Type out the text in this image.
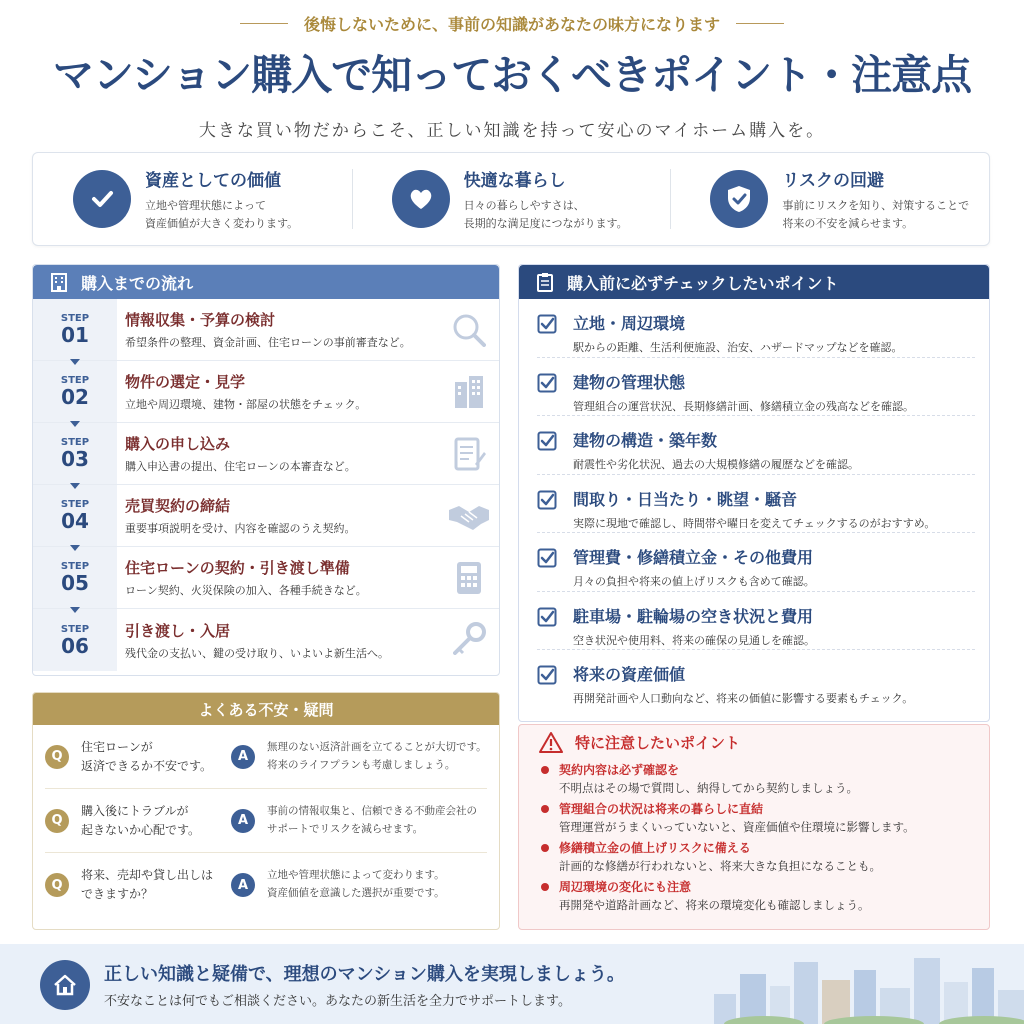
後悔しないために、事前の知識があなたの味方になります
マンション購入で知っておくべきポイント・注意点

大きな買い物だからこそ、正しい知識を持って安心のマイホーム購入を。

資産としての価値
立地や管理状態によって
資産価値が大きく変わります。
快適な暮らし
日々の暮らしやすさは、
長期的な満足度につながります。
リスクの回避
事前にリスクを知り、対策することで
将来の不安を減らせます。
購入までの流れ
STEP
01
情報収集・予算の検討
希望条件の整理、資金計画、住宅ローンの事前審査など。
STEP
02
物件の選定・見学
立地や周辺環境、建物・部屋の状態をチェック。
STEP
03
購入の申し込み
購入申込書の提出、住宅ローンの本審査など。
STEP
04
売買契約の締結
重要事項説明を受け、内容を確認のうえ契約。
STEP
05
住宅ローンの契約・引き渡し準備
ローン契約、火災保険の加入、各種手続きなど。
STEP
06
引き渡し・入居
残代金の支払い、鍵の受け取り、いよいよ新生活へ。
よくある不安・疑問
Q
住宅ローンが
返済できるか不安です。
A
無理のない返済計画を立てることが大切です。
将来のライフプランも考慮しましょう。
Q
購入後にトラブルが
起きないか心配です。
A
事前の情報収集と、信頼できる不動産会社の
サポートでリスクを減らせます。
Q
将来、売却や貸し出しは
できますか？
A
立地や管理状態によって変わります。
資産価値を意識した選択が重要です。
購入前に必ずチェックしたいポイント
立地・周辺環境
駅からの距離、生活利便施設、治安、ハザードマップなどを確認。
建物の管理状態
管理組合の運営状況、長期修繕計画、修繕積立金の残高などを確認。
建物の構造・築年数
耐震性や劣化状況、過去の大規模修繕の履歴などを確認。
間取り・日当たり・眺望・騒音
実際に現地で確認し、時間帯や曜日を変えてチェックするのがおすすめ。
管理費・修繕積立金・その他費用
月々の負担や将来の値上げリスクも含めて確認。
駐車場・駐輪場の空き状況と費用
空き状況や使用料、将来の確保の見通しを確認。
将来の資産価値
再開発計画や人口動向など、将来の価値に影響する要素もチェック。
特に注意したいポイント
契約内容は必ず確認を
不明点はその場で質問し、納得してから契約しましょう。
管理組合の状況は将来の暮らしに直結
管理運営がうまくいっていないと、資産価値や住環境に影響します。
修繕積立金の値上げリスクに備える
計画的な修繕が行われないと、将来大きな負担になることも。
周辺環境の変化にも注意
再開発や道路計画など、将来の環境変化も確認しましょう。
正しい知識と疑備で、理想のマンション購入を実現しましょう。
不安なことは何でもご相談ください。あなたの新生活を全力でサポートします。
